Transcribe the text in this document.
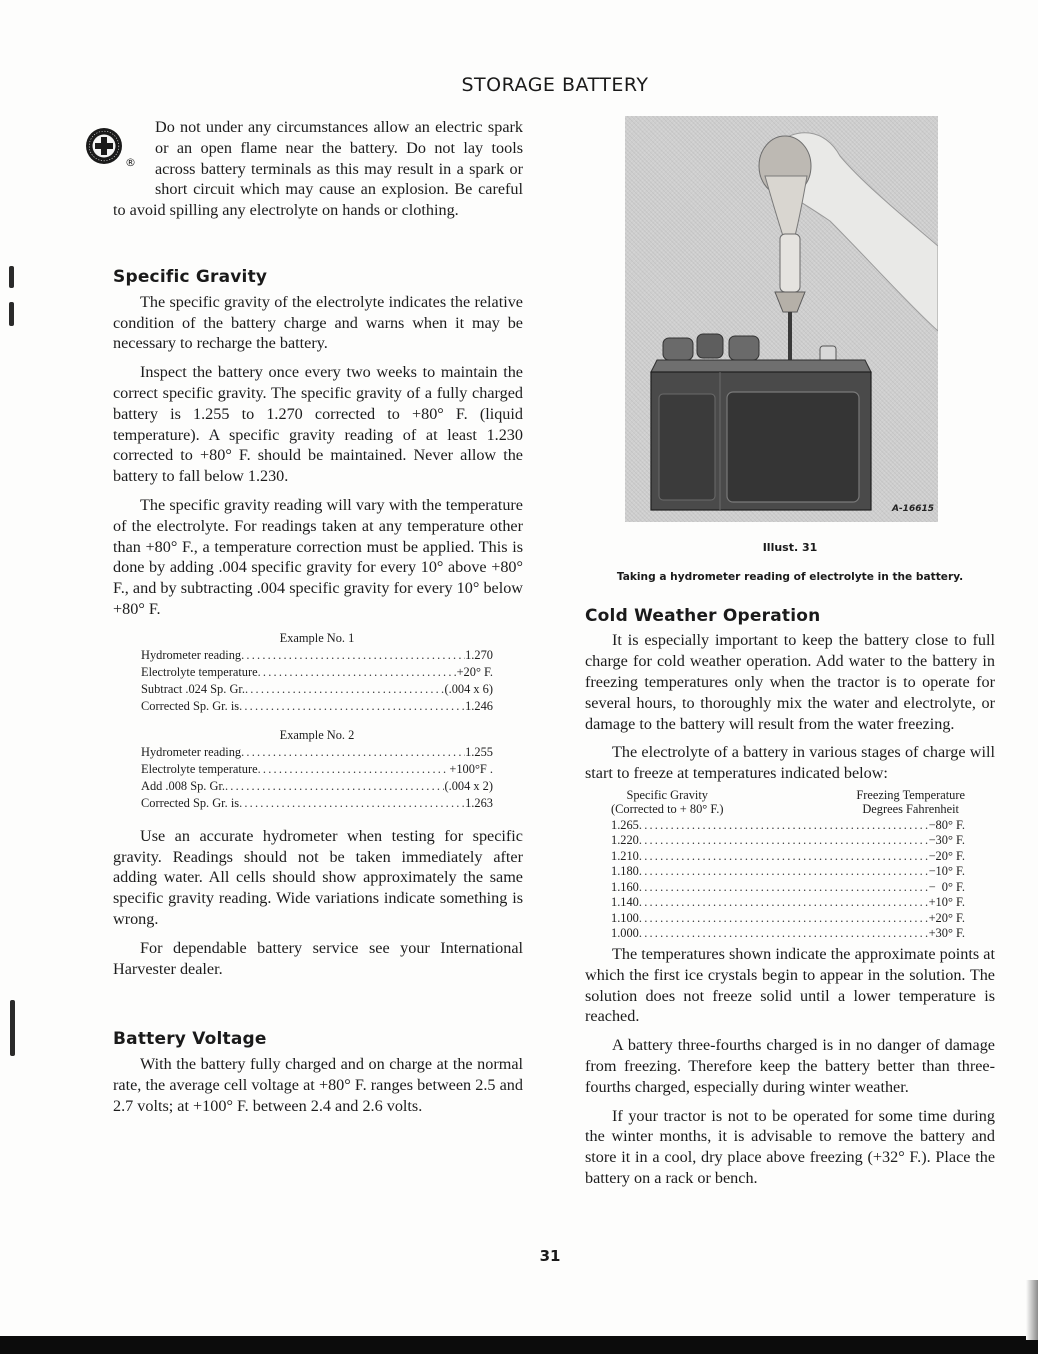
STORAGE BATTERY
®
Do not under any circumstances allow an electric spark or an open flame near the battery. Do not lay tools across battery terminals as this may result in a spark or short circuit which may cause an explosion. Be careful to avoid spilling any electrolyte on hands or clothing.
Specific Gravity

The specific gravity of the electrolyte indicates the relative condition of the battery charge and warns when it may be necessary to recharge the battery.

Inspect the battery once every two weeks to maintain the correct specific gravity. The specific gravity of a fully charged battery is 1.255 to 1.270 corrected to +80° F. (liquid temperature). A specific gravity reading of at least 1.230 corrected to +80° F. should be maintained. Never allow the battery to fall below 1.230.

The specific gravity reading will vary with the temperature of the electrolyte. For readings taken at any temperature other than +80° F., a temperature correction must be applied. This is done by adding .004 specific gravity for every 10° above +80° F., and by subtracting .004 specific gravity for every 10° below +80° F.

Example No. 1
Hydrometer reading .....	1.270
Electrolyte temperature .....	+20° F.
Subtract .024 Sp. Gr. .....	(.004 x 6)
Corrected Sp. Gr. is .....	1.246
Example No. 2
Hydrometer reading .....	1.255
Electrolyte temperature .....	+100°F .
Add .008 Sp. Gr. .....	(.004 x 2)
Corrected Sp. Gr. is .....	1.263

Use an accurate hydrometer when testing for specific gravity. Readings should not be taken immediately after adding water. All cells should show approximately the same specific gravity reading. Wide variations indicate something is wrong.

For dependable battery service see your International Harvester dealer.

Battery Voltage

With the battery fully charged and on charge at the normal rate, the average cell voltage at +80° F. ranges between 2.5 and 2.7 volts; at +100° F. between 2.4 and 2.6 volts.

A-16615
Illust. 31
Taking a hydrometer reading of electrolyte in the battery.
Cold Weather Operation

It is especially important to keep the battery close to full charge for cold weather operation. Add water to the battery in freezing temperatures only when the tractor is to operate for several hours, to thoroughly mix the water and electrolyte, or damage to the battery will result from the water freezing.

The electrolyte of a battery in various stages of charge will start to freeze at temperatures indicated below:

Specific Gravity
(Corrected to + 80° F.)
Freezing Temperature
Degrees Fahrenheit
1.265 .....	−80° F.
1.220 .....	−30° F.
1.210 .....	−20° F.
1.180 .....	−10° F.
1.160 .....	−  0° F.
1.140 .....	+10° F.
1.100 .....	+20° F.
1.000 .....	+30° F.

The temperatures shown indicate the approximate points at which the first ice crystals begin to appear in the solution. The solution does not freeze solid until a lower temperature is reached.

A battery three-fourths charged is in no danger of damage from freezing. Therefore keep the battery better than three-fourths charged, especially during winter weather.

If your tractor is not to be operated for some time during the winter months, it is advisable to remove the battery and store it in a cool, dry place above freezing (+32° F.). Place the battery on a rack or bench.

31
